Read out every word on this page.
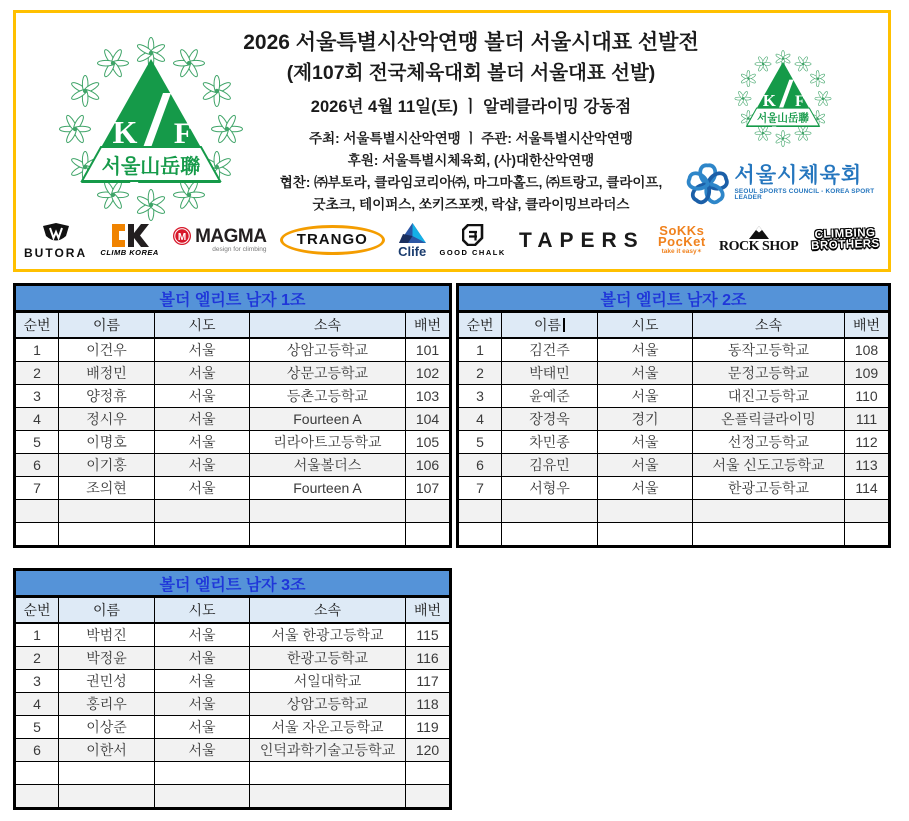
서울시체육회
SEOUL SPORTS COUNCIL - KOREA SPORT LEADER
2026 서울특별시산악연맹 볼더 서울시대표 선발전
(제107회 전국체육대회 볼더 서울대표 선발)
2026년 4월 11일(토) ㅣ 알레클라이밍 강동점
주최: 서울특별시산악연맹 ㅣ 주관: 서울특별시산악연맹
후원: 서울특별시체육회, (사)대한산악연맹
협찬: ㈜부토라, 클라임코리아㈜, 마그마홀드, ㈜트랑고, 클라이프,
굿초크, 테이퍼스, 쏘키즈포켓, 락샵, 클라이밍브라더스
BUTORA CLIMB KOREA
M MAGMA
design for climbing
TRANGO
Clife GOOD CHALK
TAPERS SoKKs
PocKet
take it easy✶ ROCK SHOP
CLIMBING
BROTHERS
볼더 엘리트 남자 1조				
순번	이름	시도	소속	배번
1	이건우	서울	상암고등학교	101
2	배정민	서울	상문고등학교	102
3	양정휴	서울	등촌고등학교	103
4	정시우	서울	Fourteen A	104
5	이명호	서울	리라아트고등학교	105
6	이기홍	서울	서울볼더스	106
7	조의현	서울	Fourteen A	107

볼더 엘리트 남자 2조				
순번	이름	시도	소속	배번
1	김건주	서울	동작고등학교	108
2	박태민	서울	문정고등학교	109
3	윤예준	서울	대진고등학교	110
4	장경욱	경기	온플릭클라이밍	111
5	차민종	서울	선정고등학교	112
6	김유민	서울	서울 신도고등학교	113
7	서형우	서울	한광고등학교	114

볼더 엘리트 남자 3조				
순번	이름	시도	소속	배번
1	박범진	서울	서울 한광고등학교	115
2	박정윤	서울	한광고등학교	116
3	권민성	서울	서일대학교	117
4	홍리우	서울	상암고등학교	118
5	이상준	서울	서울 자운고등학교	119
6	이한서	서울	인덕과학기술고등학교	120
